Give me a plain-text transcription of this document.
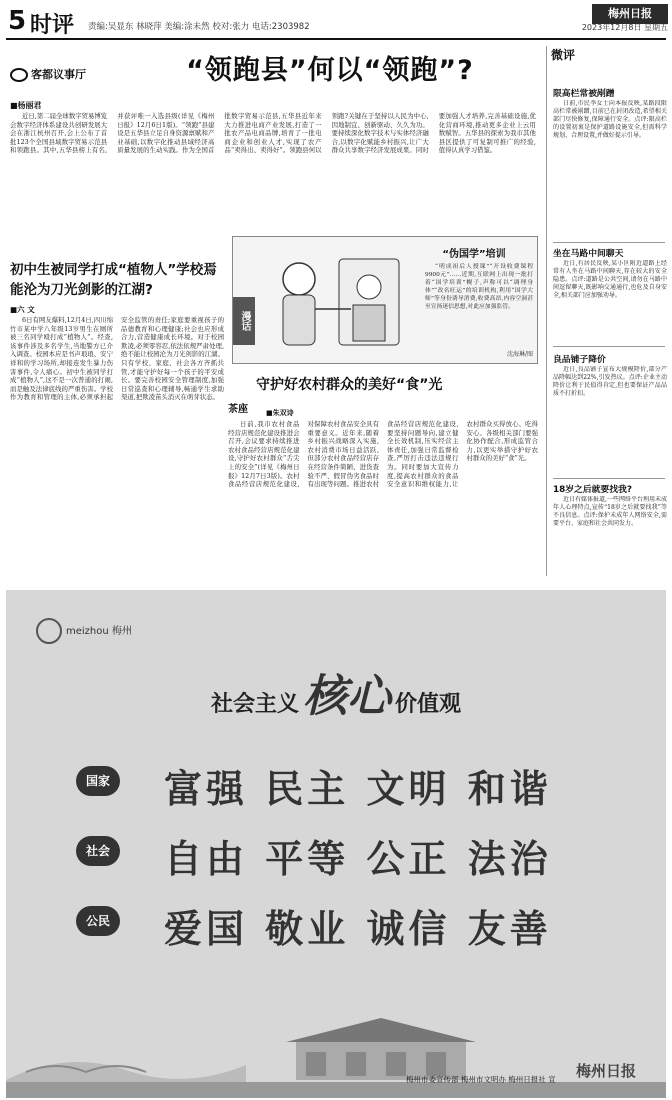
5 时评 责编:吴显东 林晓萍 美编:涂未然 校对:张力 电话:2303982
梅州日报
2023年12月8日 星期五
客都议事厅	“领跑县”何以“领跑”?
■杨丽君
近日,第二届全球数字贸易博览会数字经济体系建设共创研发展大会在浙江杭州召开,会上公布了首批123个全国县域数字贸易示范县和领跑县。其中,五华县榜上有名,并获评唯一入选县级(详见《梅州日报》12月6日1版)。“领跑”县建设是五华县立足自身资源禀赋和产业基础,以数字化推动县域经济高质量发展的生动实践。作为全国首批数字贸易示范县,五华县近年来大力推进电商产业发展,打造了一批农产品电商品牌,培育了一批电商企业和创业人才,实现了农产品“卖得出、卖得好”。领跑县何以领跑?关键在于坚持以人民为中心,因地制宜、创新驱动、久久为功。要持续深化数字技术与实体经济融合,以数字化赋能乡村振兴,让广大群众共享数字经济发展成果。同时要加强人才培养,完善基础设施,优化营商环境,推动更多企业上云用数赋智。五华县的探索为我市其他县区提供了可复制可推广的经验,值得认真学习借鉴。
初中生被同学打成“植物人”学校焉能沦为刀光剑影的江湖?
■六 文
6日有网友爆料,12月4日,四川绵竹市某中学八年级13岁男生在厕所被三名同学殴打成“植物人”。经查,该事件涉及多名学生,当地警方已介入调查。校园本应是书声琅琅、安宁祥和的学习场所,却接连发生暴力伤害事件,令人痛心。初中生被同学打成“植物人”,这不是一次普通的打闹,而是触及法律底线的严重伤害。学校作为教育和管理的主体,必须承担起安全监管的责任;家庭要重视孩子的品德教育和心理健康;社会也应形成合力,营造健康成长环境。对于校园欺凌,必须零容忍,依法依规严肃处理,绝不能让校园沦为刀光剑影的江湖。只有学校、家庭、社会各方齐抓共管,才能守护好每一个孩子的平安成长。要完善校园安全管理制度,加强日常巡查和心理辅导,畅通学生求助渠道,把欺凌苗头消灭在萌芽状态。
漫话
“伪国学”培训
“明成祖后人授课”“开设收费课程9900元”……近期,互联网上出现一批打着“国学培训”幌子,声称可以“调理身体”“改名旺运”的培训机构,利用“国学大师”等身份诱导消费,收费高昂,内容空洞甚至宣扬迷信思想,对此应加强监管。
沈海琳/图
守护好农村群众的美好“食”光
茶座	■朱双诗
日前,我市农村食品经营店规范化建设推进会召开,会议要求持续推进农村食品经营店规范化建设,守护好农村群众“舌尖上的安全”(详见《梅州日报》12月7日3版)。农村食品经营店规范化建设,对保障农村食品安全具有重要意义。近年来,随着乡村振兴战略深入实施,农村消费市场日益活跃,但部分农村食品经营店存在经营条件简陋、进货查验不严、假冒伪劣食品时有出现等问题。推进农村食品经营店规范化建设,要坚持问题导向,建立健全长效机制,压实经营主体责任,加强日常监督检查,严厉打击违法违规行为。同时要加大宣传力度,提高农村群众的食品安全意识和维权能力,让农村群众买得放心、吃得安心。各级相关部门要强化协作配合,形成监管合力,以更实举措守护好农村群众的美好“食”光。
微评
限高栏常被剐蹭
日前,市民李女士向本报反映,某路段限高栏常被剐蹭,目前已在封闭改造,希望相关部门尽快修复,保障通行安全。点评:限高栏的设置初衷是保护道路设施安全,但需科学规划、合理设置,并做好提示引导。
坐在马路中间聊天
近日,有居民反映,某小区附近道路上经常有人坐在马路中间聊天,存在较大的安全隐患。点评:道路是公共空间,请勿在马路中间逗留聊天,既影响交通通行,也危及自身安全,相关部门应加强劝导。
良品铺子降价
近日,良品铺子宣布大规模降价,部分产品降幅达到22%,引发热议。点评:企业主动降价让利于民值得肯定,但也要保证产品品质不打折扣。
18岁之后就要找我?
近日有媒体报道,一些网络平台利用未成年人心理特点,宣传“18岁之后就要找我”等不良信息。点评:保护未成年人网络安全,需要平台、家庭和社会共同发力。
meizhou 梅州
社会主义核心 价值观
国家 富强 民主 文明 和谐
社会 自由 平等 公正 法治
公民 爱国 敬业 诚信 友善
梅州市委宣传部 梅州市文明办 梅州日报社 宣 梅州日报
